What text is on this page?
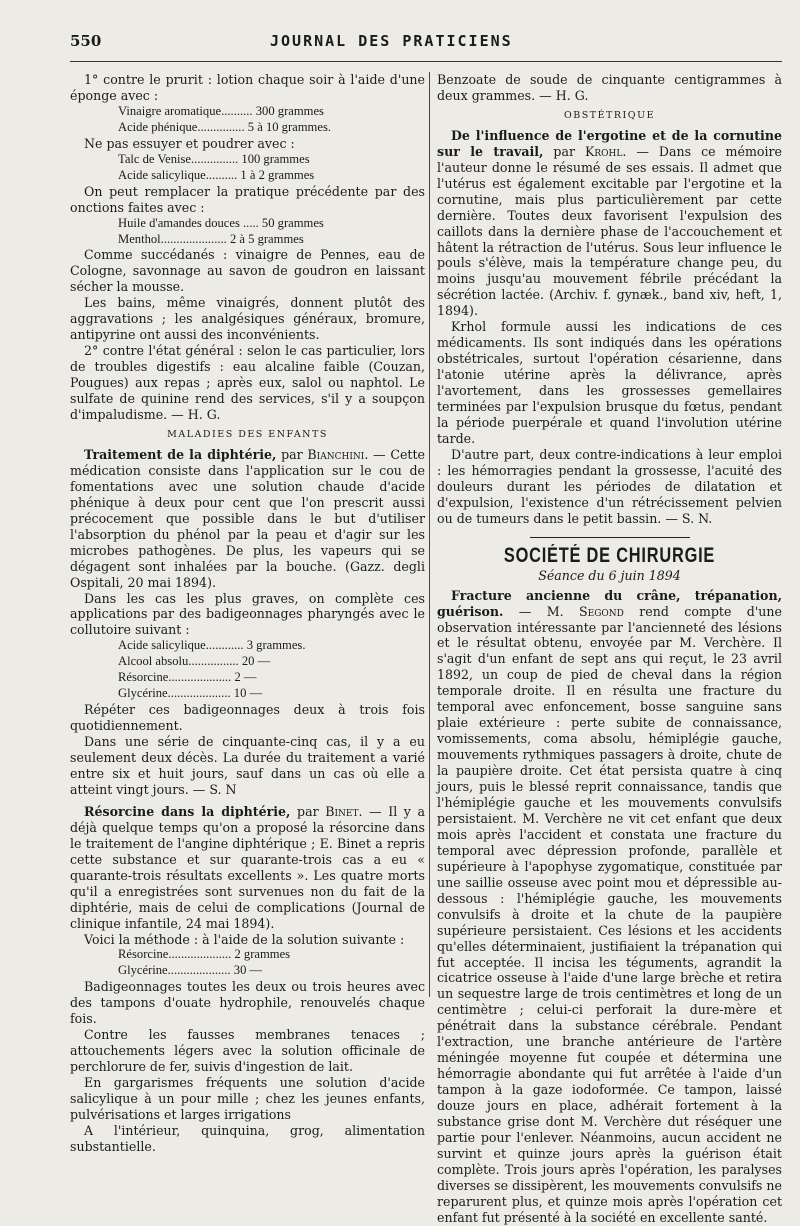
550	JOURNAL DES PRATICIENS

1° contre le prurit : lotion chaque soir à l'aide d'une éponge avec :

Vinaigre aromatique.......... 300 grammes
Acide phénique............... 5 à 10 grammes.

Ne pas essuyer et poudrer avec :

Talc de Venise............... 100 grammes
Acide salicylique.......... 1 à 2 grammes

On peut remplacer la pratique précédente par des onctions faites avec :

Huile d'amandes douces ..... 50 grammes
Menthol..................... 2 à 5 grammes

Comme succédanés : vinaigre de Pennes, eau de Cologne, savonnage au savon de goudron en laissant sécher la mousse.

Les bains, même vinaigrés, donnent plutôt des aggravations ; les analgésiques généraux, bromure, antipyrine ont aussi des inconvénients.

2° contre l'état général : selon le cas particulier, lors de troubles digestifs : eau alcaline faible (Couzan, Pougues) aux repas ; après eux, salol ou naphtol. Le sulfate de quinine rend des services, s'il y a soupçon d'impaludisme. — H. G.

MALADIES DES ENFANTS

Traitement de la diphtérie, par Bianchini. — Cette médication consiste dans l'application sur le cou de fomentations avec une solution chaude d'acide phénique à deux pour cent que l'on prescrit aussi précocement que possible dans le but d'utiliser l'absorption du phénol par la peau et d'agir sur les microbes pathogènes. De plus, les vapeurs qui se dégagent sont inhalées par la bouche. (Gazz. degli Ospitali, 20 mai 1894).

Dans les cas les plus graves, on complète ces applications par des badigeonnages pharyngés avec le collutoire suivant :

Acide salicylique............ 3 grammes.
Alcool absolu................ 20 —
Résorcine.................... 2 —
Glycérine.................... 10 —

Répéter ces badigeonnages deux à trois fois quotidiennement.

Dans une série de cinquante-cinq cas, il y a eu seulement deux décès. La durée du traitement a varié entre six et huit jours, sauf dans un cas où elle a atteint vingt jours. — S. N

Résorcine dans la diphtérie, par Binet. — Il y a déjà quelque temps qu'on a proposé la résorcine dans le traitement de l'angine diphtérique ; E. Binet a repris cette substance et sur quarante-trois cas a eu « quarante-trois résultats excellents ». Les quatre morts qu'il a enregistrées sont survenues non du fait de la diphtérie, mais de celui de complications (Journal de clinique infantile, 24 mai 1894).

Voici la méthode : à l'aide de la solution suivante :

Résorcine.................... 2 grammes
Glycérine.................... 30 —

Badigeonnages toutes les deux ou trois heures avec des tampons d'ouate hydrophile, renouvelés chaque fois.

Contre les fausses membranes tenaces ; attouchements légers avec la solution officinale de perchlorure de fer, suivis d'ingestion de lait.

En gargarismes fréquents une solution d'acide salicylique à un pour mille ; chez les jeunes enfants, pulvérisations et larges irrigations

A l'intérieur, quinquina, grog, alimentation substantielle.

Benzoate de soude de cinquante centigrammes à deux grammes. — H. G.

OBSTÉTRIQUE

De l'influence de l'ergotine et de la cornutine sur le travail, par Krohl. — Dans ce mémoire l'auteur donne le résumé de ses essais. Il admet que l'utérus est également excitable par l'ergotine et la cornutine, mais plus particulièrement par cette dernière. Toutes deux favorisent l'expulsion des caillots dans la dernière phase de l'accouchement et hâtent la rétraction de l'utérus. Sous leur influence le pouls s'élève, mais la température change peu, du moins jusqu'au mouvement fébrile précédant la sécrétion lactée. (Archiv. f. gynæk., band xiv, heft, 1, 1894).

Krhol formule aussi les indications de ces médicaments. Ils sont indiqués dans les opérations obstétricales, surtout l'opération césarienne, dans l'atonie utérine après la délivrance, après l'avortement, dans les grossesses gemellaires terminées par l'expulsion brusque du fœtus, pendant la période puerpérale et quand l'involution utérine tarde.

D'autre part, deux contre-indications à leur emploi : les hémorragies pendant la grossesse, l'acuité des douleurs durant les périodes de dilatation et d'expulsion, l'existence d'un rétrécissement pelvien ou de tumeurs dans le petit bassin. — S. N.

SOCIÉTÉ DE CHIRURGIE
Séance du 6 juin 1894

Fracture ancienne du crâne, trépanation, guérison. — M. Segond rend compte d'une observation intéressante par l'ancienneté des lésions et le résultat obtenu, envoyée par M. Verchère. Il s'agit d'un enfant de sept ans qui reçut, le 23 avril 1892, un coup de pied de cheval dans la région temporale droite. Il en résulta une fracture du temporal avec enfoncement, bosse sanguine sans plaie extérieure : perte subite de connaissance, vomissements, coma absolu, hémiplégie gauche, mouvements rythmiques passagers à droite, chute de la paupière droite. Cet état persista quatre à cinq jours, puis le blessé reprit connaissance, tandis que l'hémiplégie gauche et les mouvements convulsifs persistaient. M. Verchère ne vit cet enfant que deux mois après l'accident et constata une fracture du temporal avec dépression profonde, parallèle et supérieure à l'apophyse zygomatique, constituée par une saillie osseuse avec point mou et dépressible au-dessous : l'hémiplégie gauche, les mouvements convulsifs à droite et la chute de la paupière supérieure persistaient. Ces lésions et les accidents qu'elles déterminaient, justifiaient la trépanation qui fut acceptée. Il incisa les téguments, agrandit la cicatrice osseuse à l'aide d'une large brèche et retira un sequestre large de trois centimètres et long de un centimètre ; celui-ci perforait la dure-mère et pénétrait dans la substance cérébrale. Pendant l'extraction, une branche antérieure de l'artère méningée moyenne fut coupée et détermina une hémorragie abondante qui fut arrêtée à l'aide d'un tampon à la gaze iodoformée. Ce tampon, laissé douze jours en place, adhérait fortement à la substance grise dont M. Verchère dut réséquer une partie pour l'enlever. Néanmoins, aucun accident ne survint et quinze jours après la guérison était complète. Trois jours après l'opération, les paralyses diverses se dissipèrent, les mouvements convulsifs ne reparurent plus, et quinze mois après l'opération cet enfant fut présenté à la société en excellente santé.
